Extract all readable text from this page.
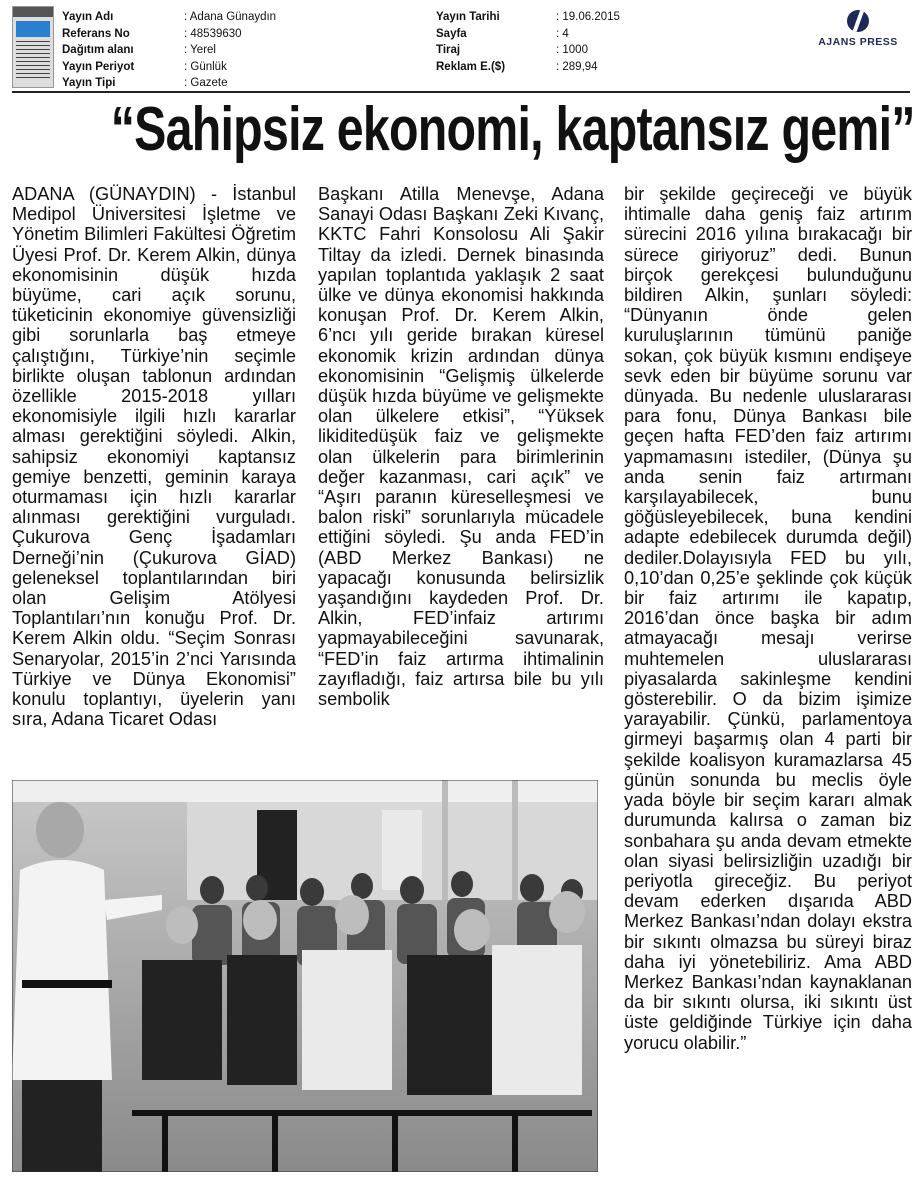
Yayın Adı	: Adana Günaydın
Referans No	: 48539630
Dağıtım alanı	: Yerel
Yayın Periyot	: Günlük
Yayın Tipi	: Gazete
Yayın Tarihi	: 19.06.2015
Sayfa	: 4
Tiraj	: 1000
Reklam E.($)	: 289,94
AJANS PRESS
“Sahipsiz ekonomi, kaptansız gemi”
ADANA (GÜNAYDIN) - İstanbul Medipol Üniversitesi İşletme ve Yönetim Bilimleri Fakültesi Öğretim Üyesi Prof. Dr. Kerem Alkin, dünya ekonomisinin düşük hızda büyüme, cari açık sorunu, tüketicinin ekonomiye güvensizliği gibi sorunlarla baş etmeye çalıştığını, Türkiye’nin seçimle birlikte oluşan tablonun ardından özellikle 2015-2018 yılları ekonomisiyle ilgili hızlı kararlar alması gerektiğini söyledi. Alkin, sahipsiz ekonomiyi kaptansız gemiye benzetti, geminin karaya oturmaması için hızlı kararlar alınması gerektiğini vurguladı. Çukurova Genç İşadamları Derneği’nin (Çukurova GİAD) geleneksel toplantılarından biri olan Gelişim Atölyesi Toplantıları’nın konuğu Prof. Dr. Kerem Alkin oldu. “Seçim Sonrası Senaryolar, 2015’in 2’nci Yarısında Türkiye ve Dünya Ekonomisi” konulu toplantıyı, üyelerin yanı sıra, Adana Ticaret Odası
Başkanı Atilla Menevşe, Adana Sanayi Odası Başkanı Zeki Kıvanç, KKTC Fahri Konsolosu Ali Şakir Tiltay da izledi. Dernek binasında yapılan toplantıda yaklaşık 2 saat ülke ve dünya ekonomisi hakkında konuşan Prof. Dr. Kerem Alkin, 6’ncı yılı geride bırakan küresel ekonomik krizin ardından dünya ekonomisinin “Gelişmiş ülkelerde düşük hızda büyüme ve gelişmekte olan ülkelere etkisi”, “Yüksek likiditedüşük faiz ve gelişmekte olan ülkelerin para birimlerinin değer kazanması, cari açık” ve “Aşırı paranın küreselleşmesi ve balon riski” sorunlarıyla mücadele ettiğini söyledi. Şu anda FED’in (ABD Merkez Bankası) ne yapacağı konusunda belirsizlik yaşandığını kaydeden Prof. Dr. Alkin, FED’infaiz artırımı yapmayabileceğini savunarak, “FED’in faiz artırma ihtimalinin zayıfladığı, faiz artırsa bile bu yılı sembolik
bir şekilde geçireceği ve büyük ihtimalle daha geniş faiz artırım sürecini 2016 yılına bırakacağı bir sürece giriyoruz” dedi. Bunun birçok gerekçesi bulunduğunu bildiren Alkin, şunları söyledi: “Dünyanın önde gelen kuruluşlarının tümünü paniğe sokan, çok büyük kısmını endişeye sevk eden bir büyüme sorunu var dünyada. Bu nedenle uluslararası para fonu, Dünya Bankası bile geçen hafta FED’den faiz artırımı yapmamasını istediler, (Dünya şu anda senin faiz artırmanı karşılayabilecek, bunu göğüsleyebilecek, buna kendini adapte edebilecek durumda değil) dediler.Dolayısıyla FED bu yılı, 0,10’dan 0,25’e şeklinde çok küçük bir faiz artırımı ile kapatıp, 2016’dan önce başka bir adım atmayacağı mesajı verirse muhtemelen uluslararası piyasalarda sakinleşme kendini gösterebilir. O da bizim işimize yarayabilir. Çünkü, parlamentoya girmeyi başarmış olan 4 parti bir şekilde koalisyon kuramazlarsa 45 günün sonunda bu meclis öyle yada böyle bir seçim kararı almak durumunda kalırsa o zaman biz sonbahara şu anda devam etmekte olan siyasi belirsizliğin uzadığı bir periyotla gireceğiz. Bu periyot devam ederken dışarıda ABD Merkez Bankası’ndan dolayı ekstra bir sıkıntı olmazsa bu süreyi biraz daha iyi yönetebiliriz. Ama ABD Merkez Bankası’ndan kaynaklanan da bir sıkıntı olursa, iki sıkıntı üst üste geldiğinde Türkiye için daha yorucu olabilir.”
